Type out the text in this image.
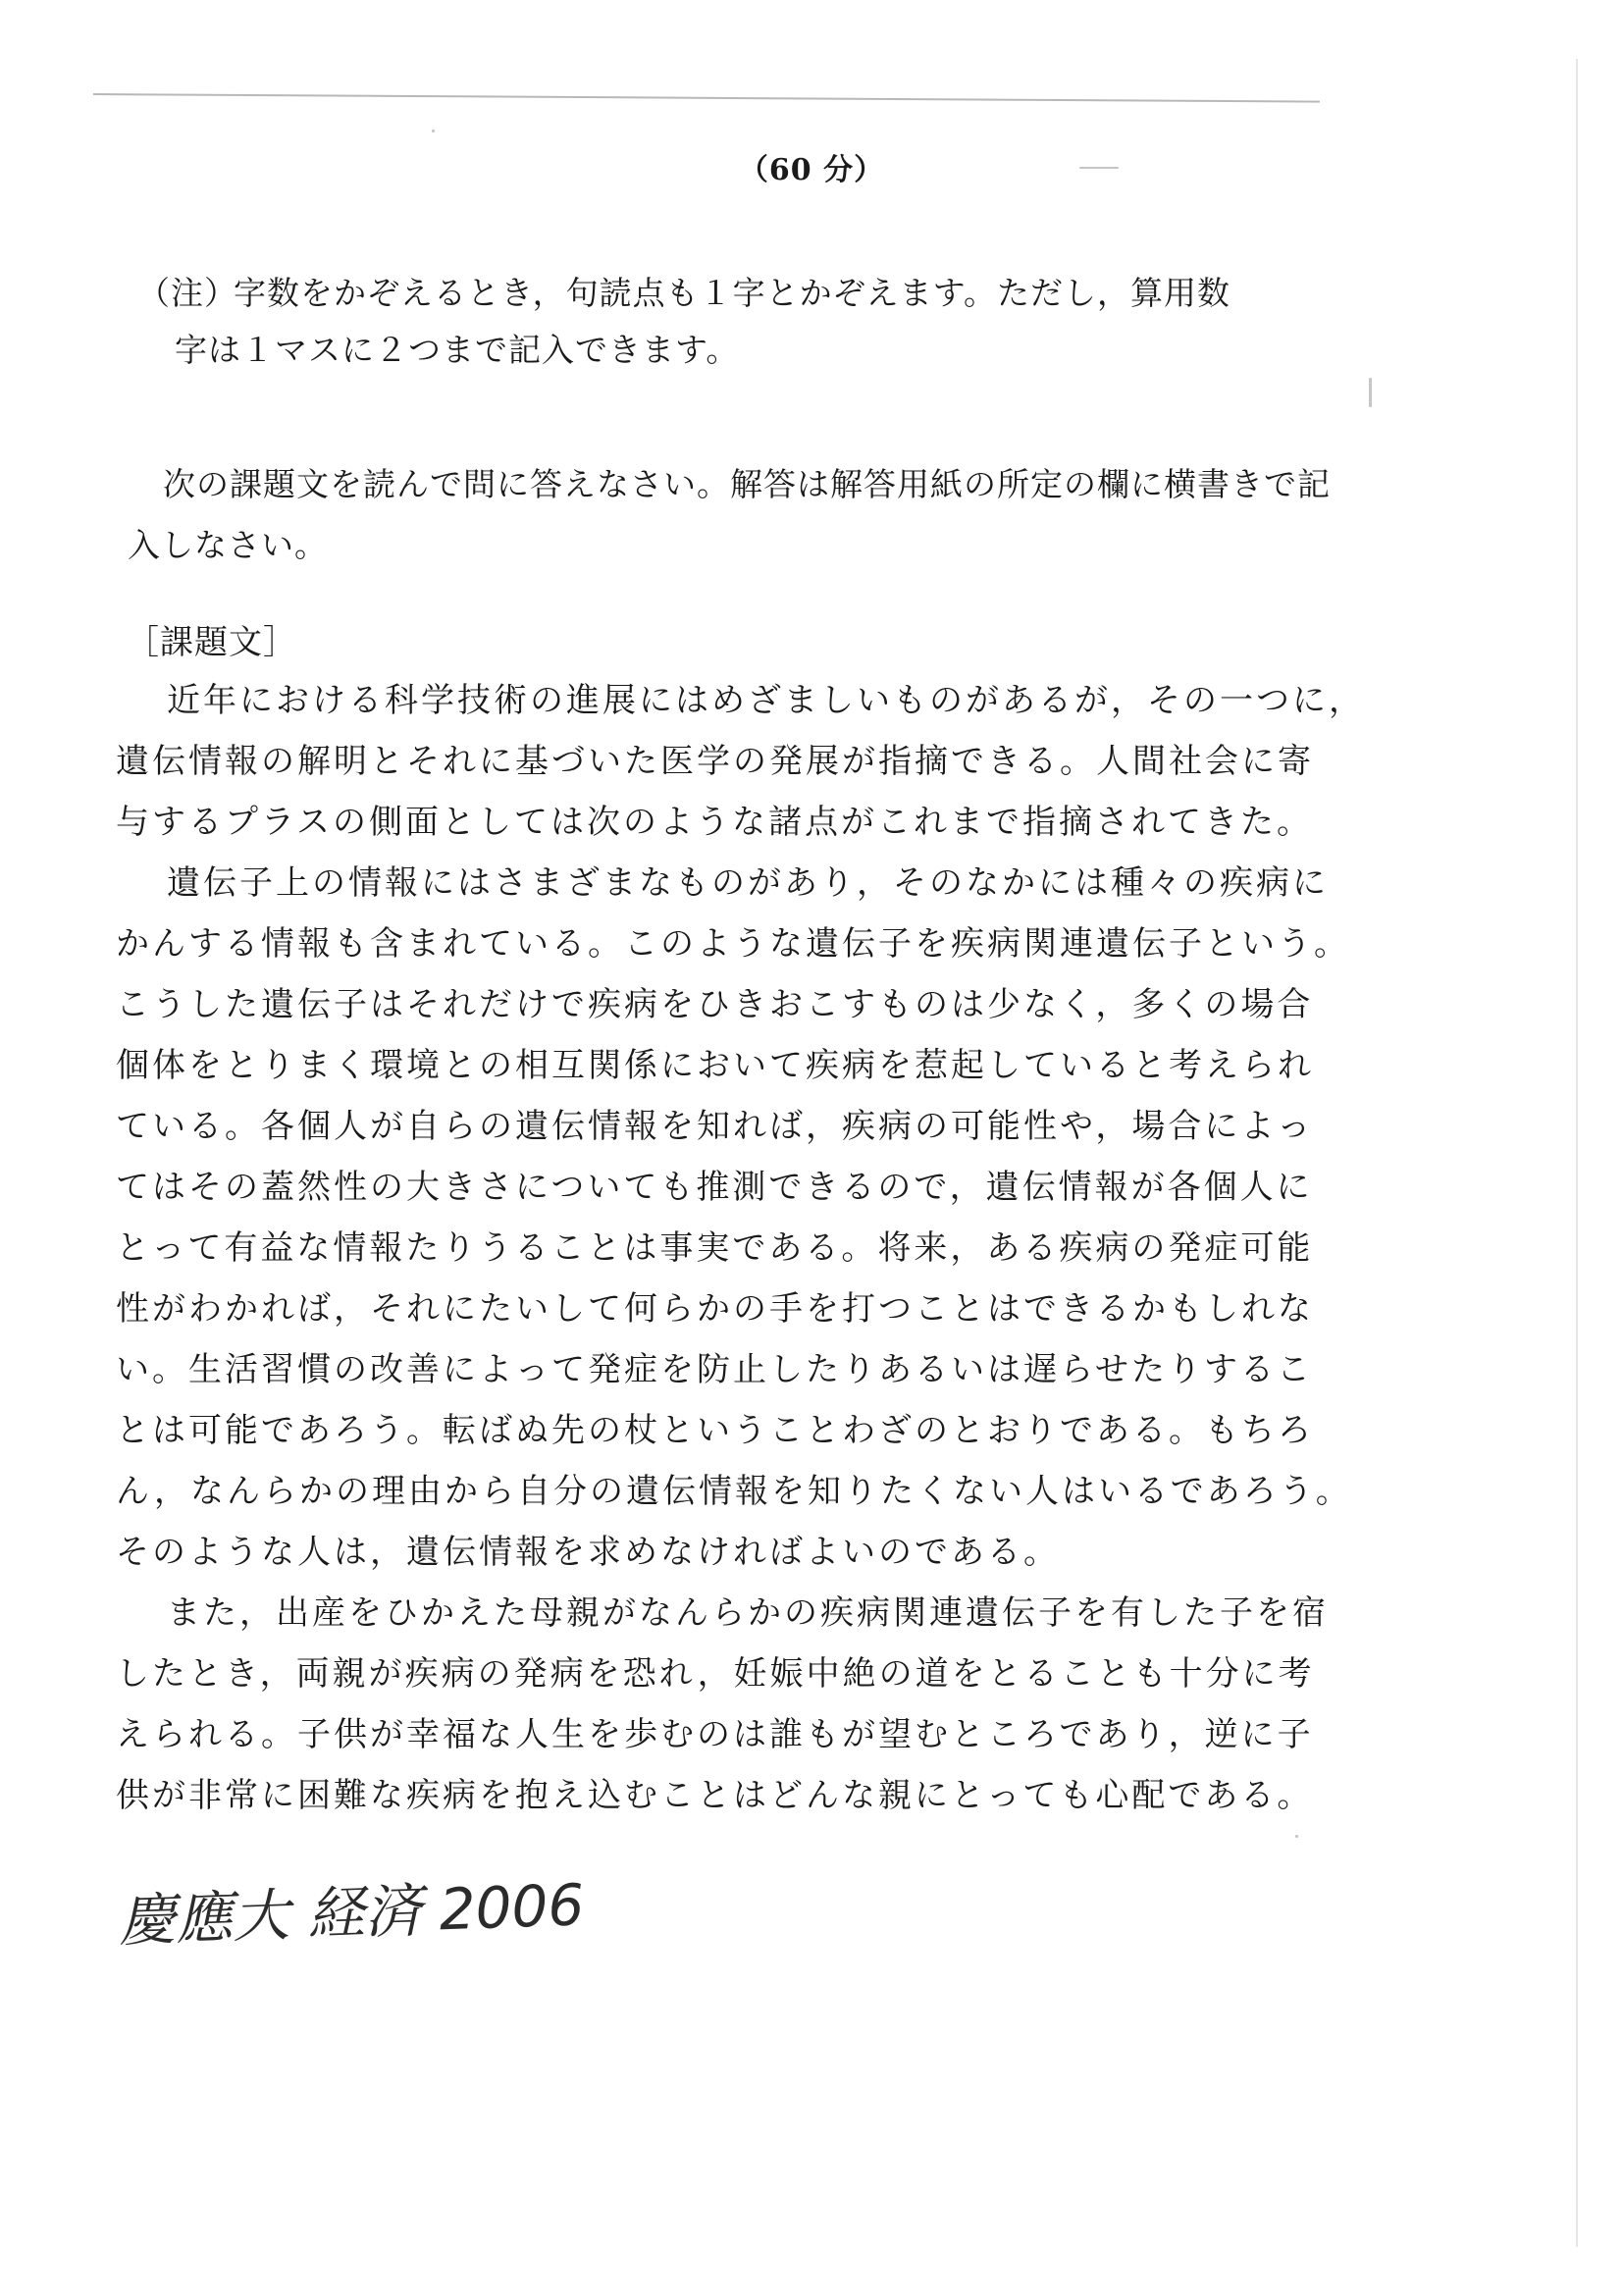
（60 分）
（注）字数をかぞえるとき，句読点も１字とかぞえます。ただし，算用数
字は１マスに２つまで記入できます。
次の課題文を読んで問に答えなさい。解答は解答用紙の所定の欄に横書きで記入しなさい。
［課題文］
近年における科学技術の進展にはめざましいものがあるが，その一つに，
遺伝情報の解明とそれに基づいた医学の発展が指摘できる。人間社会に寄
与するプラスの側面としては次のような諸点がこれまで指摘されてきた。
遺伝子上の情報にはさまざまなものがあり，そのなかには種々の疾病に
かんする情報も含まれている。このような遺伝子を疾病関連遺伝子という。
こうした遺伝子はそれだけで疾病をひきおこすものは少なく，多くの場合
個体をとりまく環境との相互関係において疾病を惹起していると考えられ
ている。各個人が自らの遺伝情報を知れば，疾病の可能性や，場合によっ
てはその蓋然性の大きさについても推測できるので，遺伝情報が各個人に
とって有益な情報たりうることは事実である。将来，ある疾病の発症可能
性がわかれば，それにたいして何らかの手を打つことはできるかもしれな
い。生活習慣の改善によって発症を防止したりあるいは遅らせたりするこ
とは可能であろう。転ばぬ先の杖ということわざのとおりである。もちろ
ん，なんらかの理由から自分の遺伝情報を知りたくない人はいるであろう。
そのような人は，遺伝情報を求めなければよいのである。
また，出産をひかえた母親がなんらかの疾病関連遺伝子を有した子を宿
したとき，両親が疾病の発病を恐れ，妊娠中絶の道をとることも十分に考
えられる。子供が幸福な人生を歩むのは誰もが望むところであり，逆に子
供が非常に困難な疾病を抱え込むことはどんな親にとっても心配である。
慶應大 経済 2006
